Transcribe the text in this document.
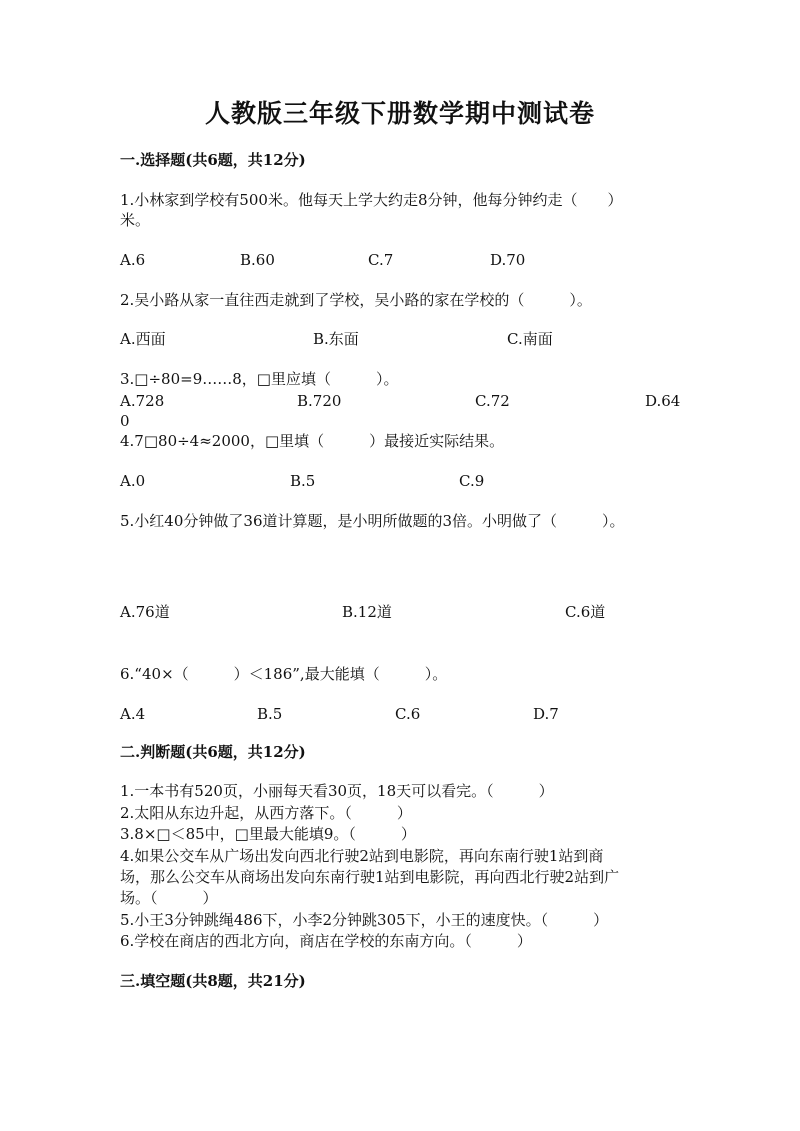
人教版三年级下册数学期中测试卷
一.选择题(共6题，共12分)
1.小林家到学校有500米。他每天上学大约走8分钟，他每分钟约走（　　）
米。
A.6	B.60	C.7	D.70
2.吴小路从家一直往西走就到了学校，吴小路的家在学校的（　　　）。
A.西面	B.东面	C.南面
3.□÷80=9……8，□里应填（　　　）。
A.728	B.720	C.72	D.64
0
4.7□80÷4≈2000，□里填（　　　）最接近实际结果。
A.0	B.5	C.9
5.小红40分钟做了36道计算题，是小明所做题的3倍。小明做了（　　　）。
A.76道	B.12道	C.6道
6.“40×（　　　）＜186”,最大能填（　　　）。
A.4	B.5	C.6	D.7
二.判断题(共6题，共12分)
1.一本书有520页，小丽每天看30页，18天可以看完。（　　　）
2.太阳从东边升起，从西方落下。（　　　）
3.8×□＜85中，□里最大能填9。（　　　）
4.如果公交车从广场出发向西北行驶2站到电影院，再向东南行驶1站到商
场，那么公交车从商场出发向东南行驶1站到电影院，再向西北行驶2站到广
场。（　　　）
5.小王3分钟跳绳486下，小李2分钟跳305下，小王的速度快。（　　　）
6.学校在商店的西北方向，商店在学校的东南方向。（　　　）
三.填空题(共8题，共21分)
